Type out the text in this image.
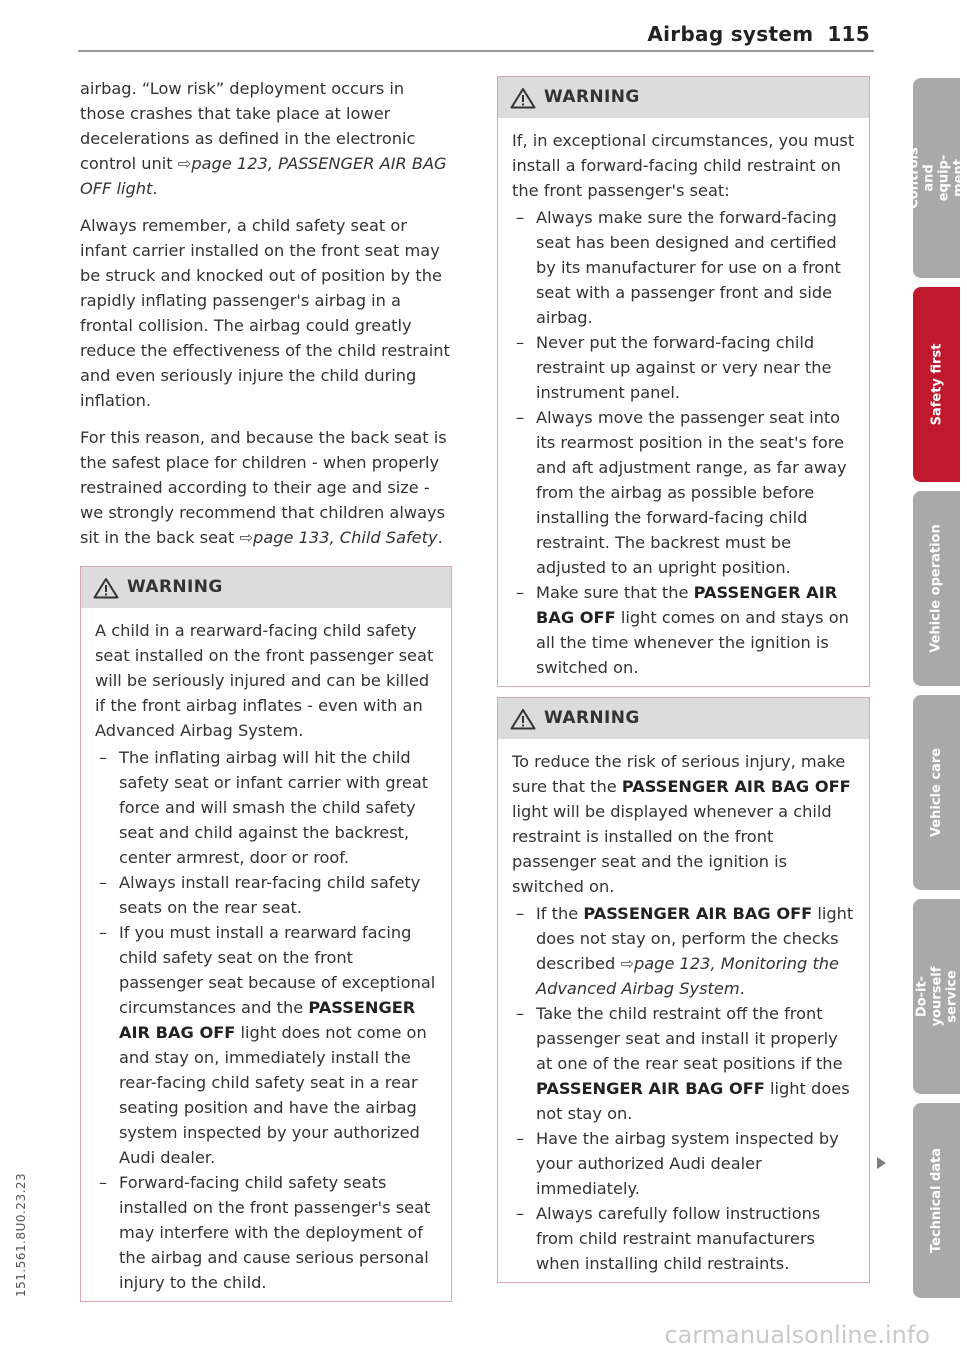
Airbag system 115

airbag. “Low risk” deployment occurs in those crashes that take place at lower decelerations as defined in the electronic control unit ⇨page 123, PASSENGER AIR BAG OFF light.

Always remember, a child safety seat or infant carrier installed on the front seat may be struck and knocked out of position by the rapidly inflating passenger's airbag in a frontal collision. The airbag could greatly reduce the effectiveness of the child restraint and even seriously injure the child during inflation.

For this reason, and because the back seat is the safest place for children - when properly restrained according to their age and size - we strongly recommend that children always sit in the back seat ⇨page 133, Child Safety.

WARNING

A child in a rearward-facing child safety seat installed on the front passenger seat will be seriously injured and can be killed if the front airbag inflates - even with an Advanced Airbag System.

– The inflating airbag will hit the child safety seat or infant carrier with great force and will smash the child safety seat and child against the backrest, center armrest, door or roof.
– Always install rear-facing child safety seats on the rear seat.
– If you must install a rearward facing child safety seat on the front passenger seat because of exceptional circumstances and the PASSENGER AIR BAG OFF light does not come on and stay on, immediately install the rear-facing child safety seat in a rear seating position and have the airbag system inspected by your authorized Audi dealer.
– Forward-facing child safety seats installed on the front passenger's seat may interfere with the deployment of the airbag and cause serious personal injury to the child.
WARNING

If, in exceptional circumstances, you must install a forward-facing child restraint on the front passenger's seat:

– Always make sure the forward-facing seat has been designed and certified by its manufacturer for use on a front seat with a passenger front and side airbag.
– Never put the forward-facing child restraint up against or very near the instrument panel.
– Always move the passenger seat into its rearmost position in the seat's fore and aft adjustment range, as far away from the airbag as possible before installing the forward-facing child restraint. The backrest must be adjusted to an upright position.
– Make sure that the PASSENGER AIR BAG OFF light comes on and stays on all the time whenever the ignition is switched on.
WARNING

To reduce the risk of serious injury, make sure that the PASSENGER AIR BAG OFF light will be displayed whenever a child restraint is installed on the front passenger seat and the ignition is switched on.

– If the PASSENGER AIR BAG OFF light does not stay on, perform the checks described ⇨page 123, Monitoring the Advanced Airbag System.
– Take the child restraint off the front passenger seat and install it properly at one of the rear seat positions if the PASSENGER AIR BAG OFF light does not stay on.
– Have the airbag system inspected by your authorized Audi dealer immediately.
– Always carefully follow instructions from child restraint manufacturers when installing child restraints.
Controls and equip- ment
Safety first
Vehicle operation
Vehicle care
Do-it-yourself service
Technical data
151.561.8U0.23.23
carmanualsonline.info
